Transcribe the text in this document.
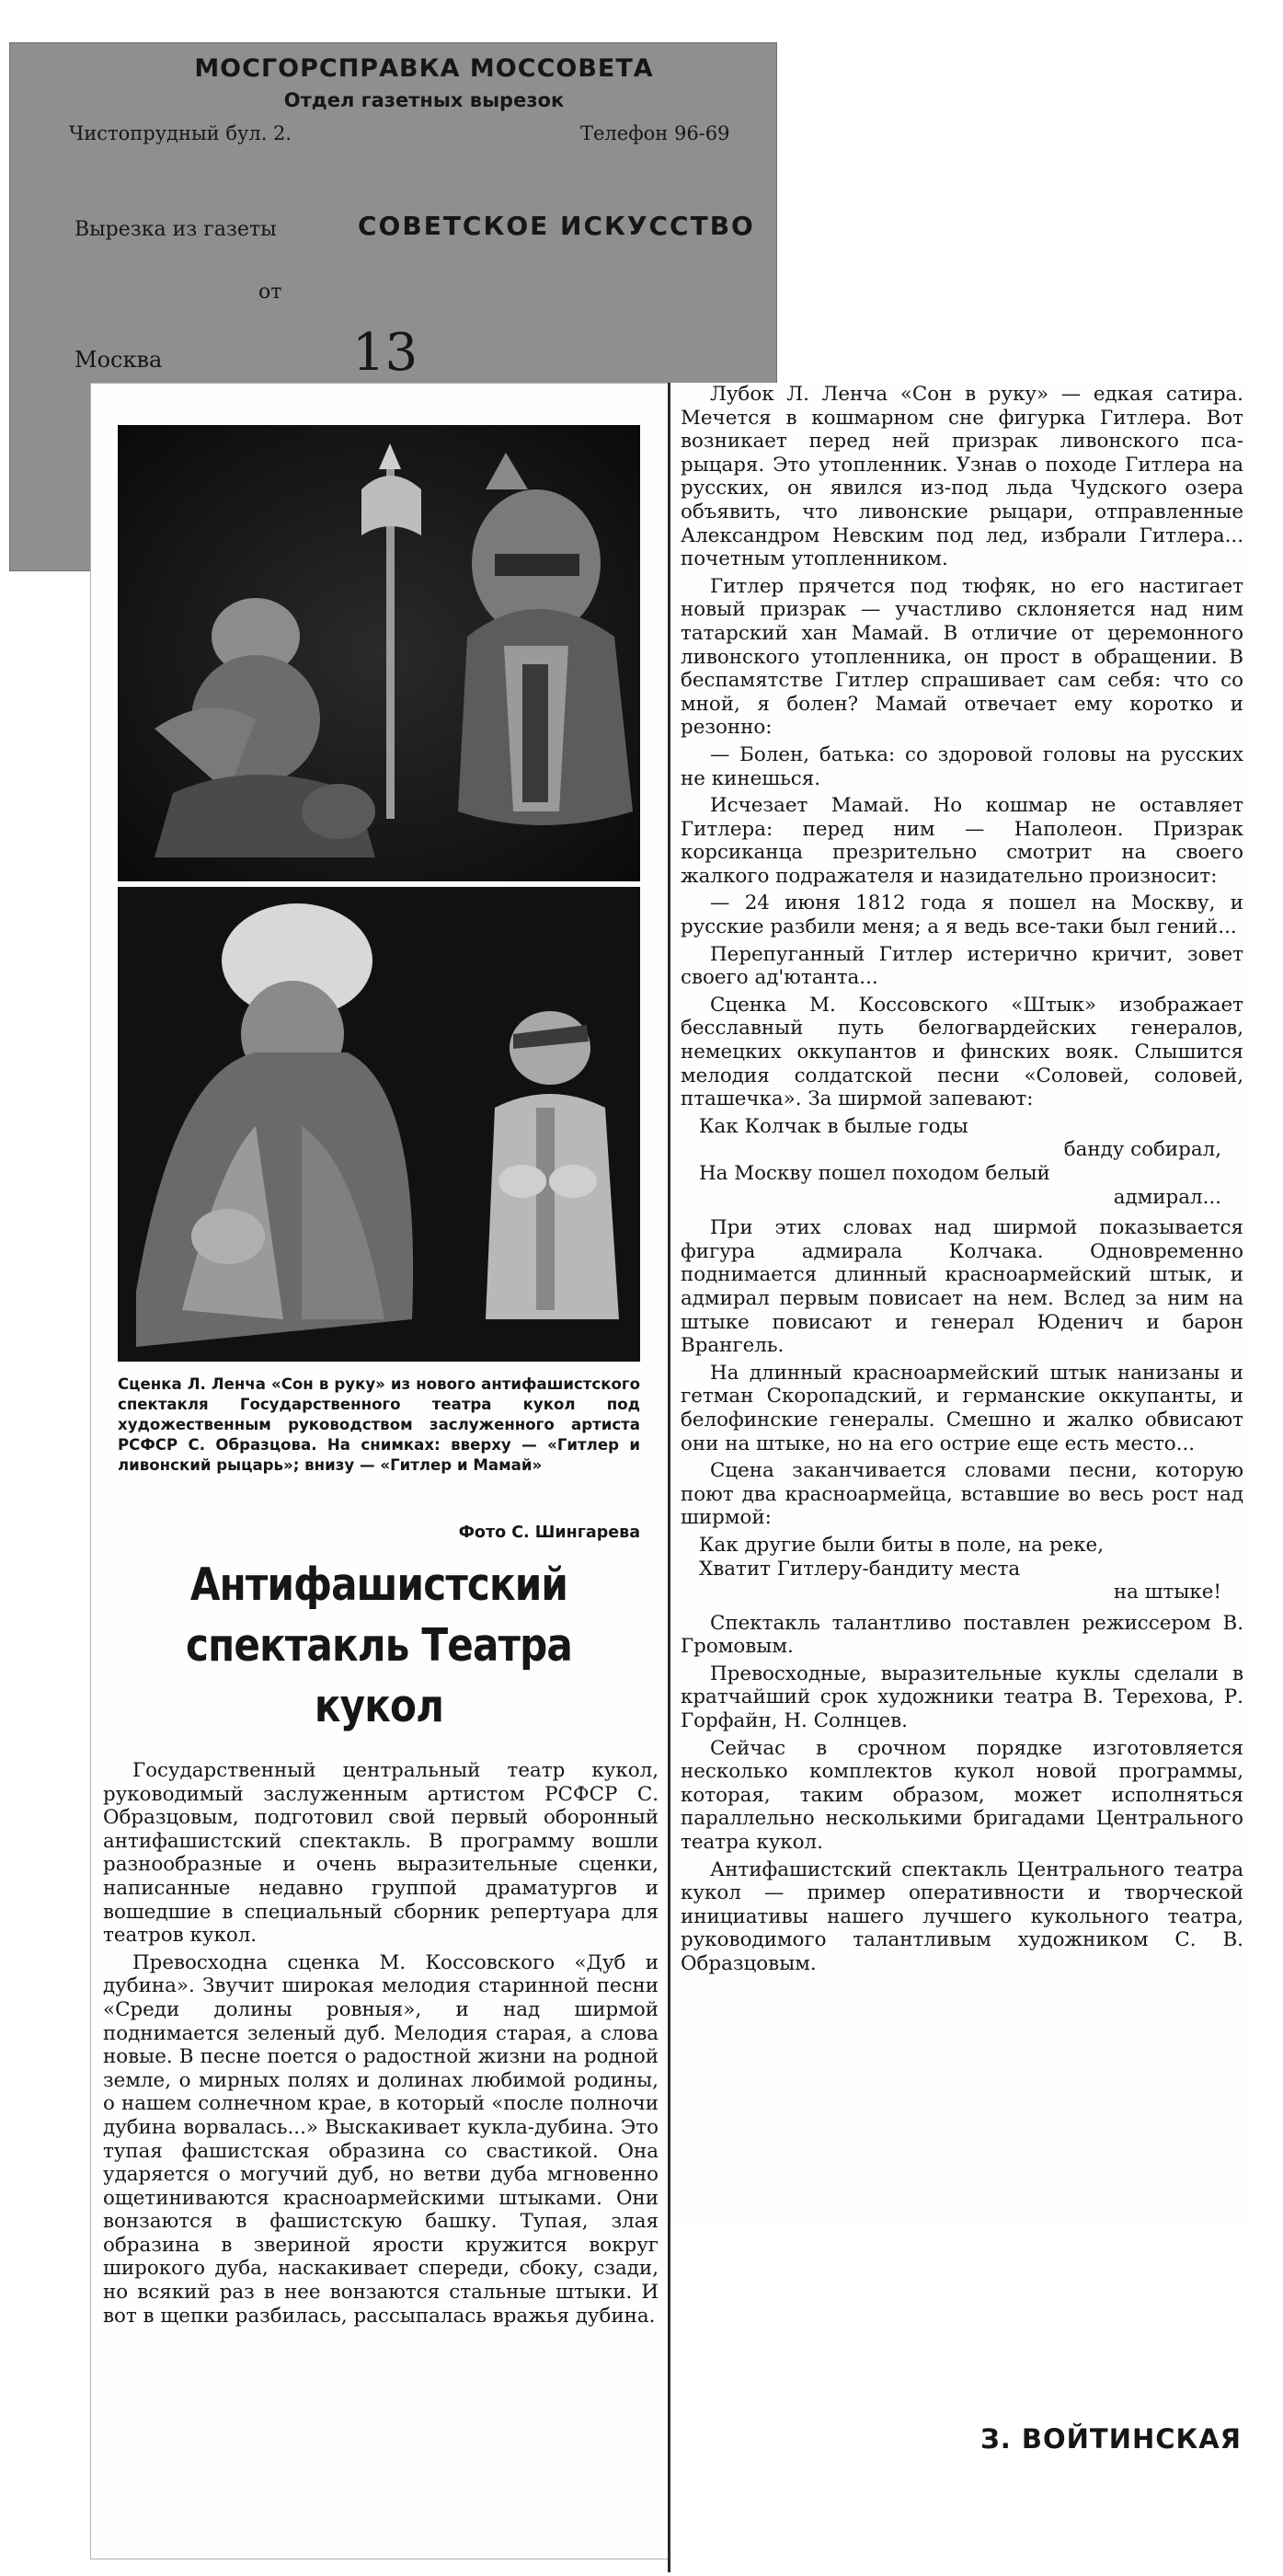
МОСГОРСПРАВКА МОССОВЕТА
Отдел газетных вырезок
Чистопрудный бул. 2.	Телефон 96-69
Вырезка из газеты	СОВЕТСКОЕ ИСКУССТВО
от
Москва	13
Сценка Л. Ленча «Сон в руку» из нового антифашистского спектакля Государственного театра кукол под художественным руководством заслуженного артиста РСФСР С. Образцова. На снимках: вверху — «Гитлер и ливонский рыцарь»; внизу — «Гитлер и Мамай»
Фото С. Шингарева
Антифашистский спектакль Театра кукол

Государственный центральный театр кукол, руководимый заслуженным артистом РСФСР С. Образцовым, подготовил свой первый оборонный антифашистский спектакль. В программу вошли разнообразные и очень выразительные сценки, написанные недавно группой драматургов и вошедшие в специальный сборник репертуара для театров кукол.

Превосходна сценка М. Коссовского «Дуб и дубина». Звучит широкая мелодия старинной песни «Среди долины ровныя», и над ширмой поднимается зеленый дуб. Мелодия старая, а слова новые. В песне поется о радостной жизни на родной земле, о мирных полях и долинах любимой родины, о нашем солнечном крае, в который «после полночи дубина ворвалась...» Выскакивает кукла-дубина. Это тупая фашистская образина со свастикой. Она ударяется о могучий дуб, но ветви дуба мгновенно ощетиниваются красноармейскими штыками. Они вонзаются в фашистскую башку. Тупая, злая образина в звериной ярости кружится вокруг широкого дуба, наскакивает спереди, сбоку, сзади, но всякий раз в нее вонзаются стальные штыки. И вот в щепки разбилась, рассыпалась вражья дубина.

Лубок Л. Ленча «Сон в руку» — едкая сатира. Мечется в кошмарном сне фигурка Гитлера. Вот возникает перед ней призрак ливонского пса-рыцаря. Это утопленник. Узнав о походе Гитлера на русских, он явился из-под льда Чудского озера объявить, что ливонские рыцари, отправленные Александром Невским под лед, избрали Гитлера... почетным утопленником.

Гитлер прячется под тюфяк, но его настигает новый призрак — участливо склоняется над ним татарский хан Мамай. В отличие от церемонного ливонского утопленника, он прост в обращении. В беспамятстве Гитлер спрашивает сам себя: что со мной, я болен? Мамай отвечает ему коротко и резонно:

— Болен, батька: со здоровой головы на русских не кинешься.

Исчезает Мамай. Но кошмар не оставляет Гитлера: перед ним — Наполеон. Призрак корсиканца презрительно смотрит на своего жалкого подражателя и назидательно произносит:

— 24 июня 1812 года я пошел на Москву, и русские разбили меня; а я ведь все-таки был гений...

Перепуганный Гитлер истерично кричит, зовет своего ад'ютанта...

Сценка М. Коссовского «Штык» изображает бесславный путь белогвардейских генералов, немецких оккупантов и финских вояк. Слышится мелодия солдатской песни «Соловей, соловей, пташечка». За ширмой запевают:

Как Колчак в былые годы
банду собирал,
На Москву пошел походом белый
адмирал...

При этих словах над ширмой показывается фигура адмирала Колчака. Одновременно поднимается длинный красноармейский штык, и адмирал первым повисает на нем. Вслед за ним на штыке повисают и генерал Юденич и барон Врангель.

На длинный красноармейский штык нанизаны и гетман Скоропадский, и германские оккупанты, и белофинские генералы. Смешно и жалко обвисают они на штыке, но на его острие еще есть место...

Сцена заканчивается словами песни, которую поют два красноармейца, вставшие во весь рост над ширмой:

Как другие были биты в поле, на реке,
Хватит Гитлеру-бандиту места
на штыке!

Спектакль талантливо поставлен режиссером В. Громовым.

Превосходные, выразительные куклы сделали в кратчайший срок художники театра В. Терехова, Р. Горфайн, Н. Солнцев.

Сейчас в срочном порядке изготовляется несколько комплектов кукол новой программы, которая, таким образом, может исполняться параллельно несколькими бригадами Центрального театра кукол.

Антифашистский спектакль Центрального театра кукол — пример оперативности и творческой инициативы нашего лучшего кукольного театра, руководимого талантливым художником С. В. Образцовым.

З. ВОЙТИНСКАЯ
